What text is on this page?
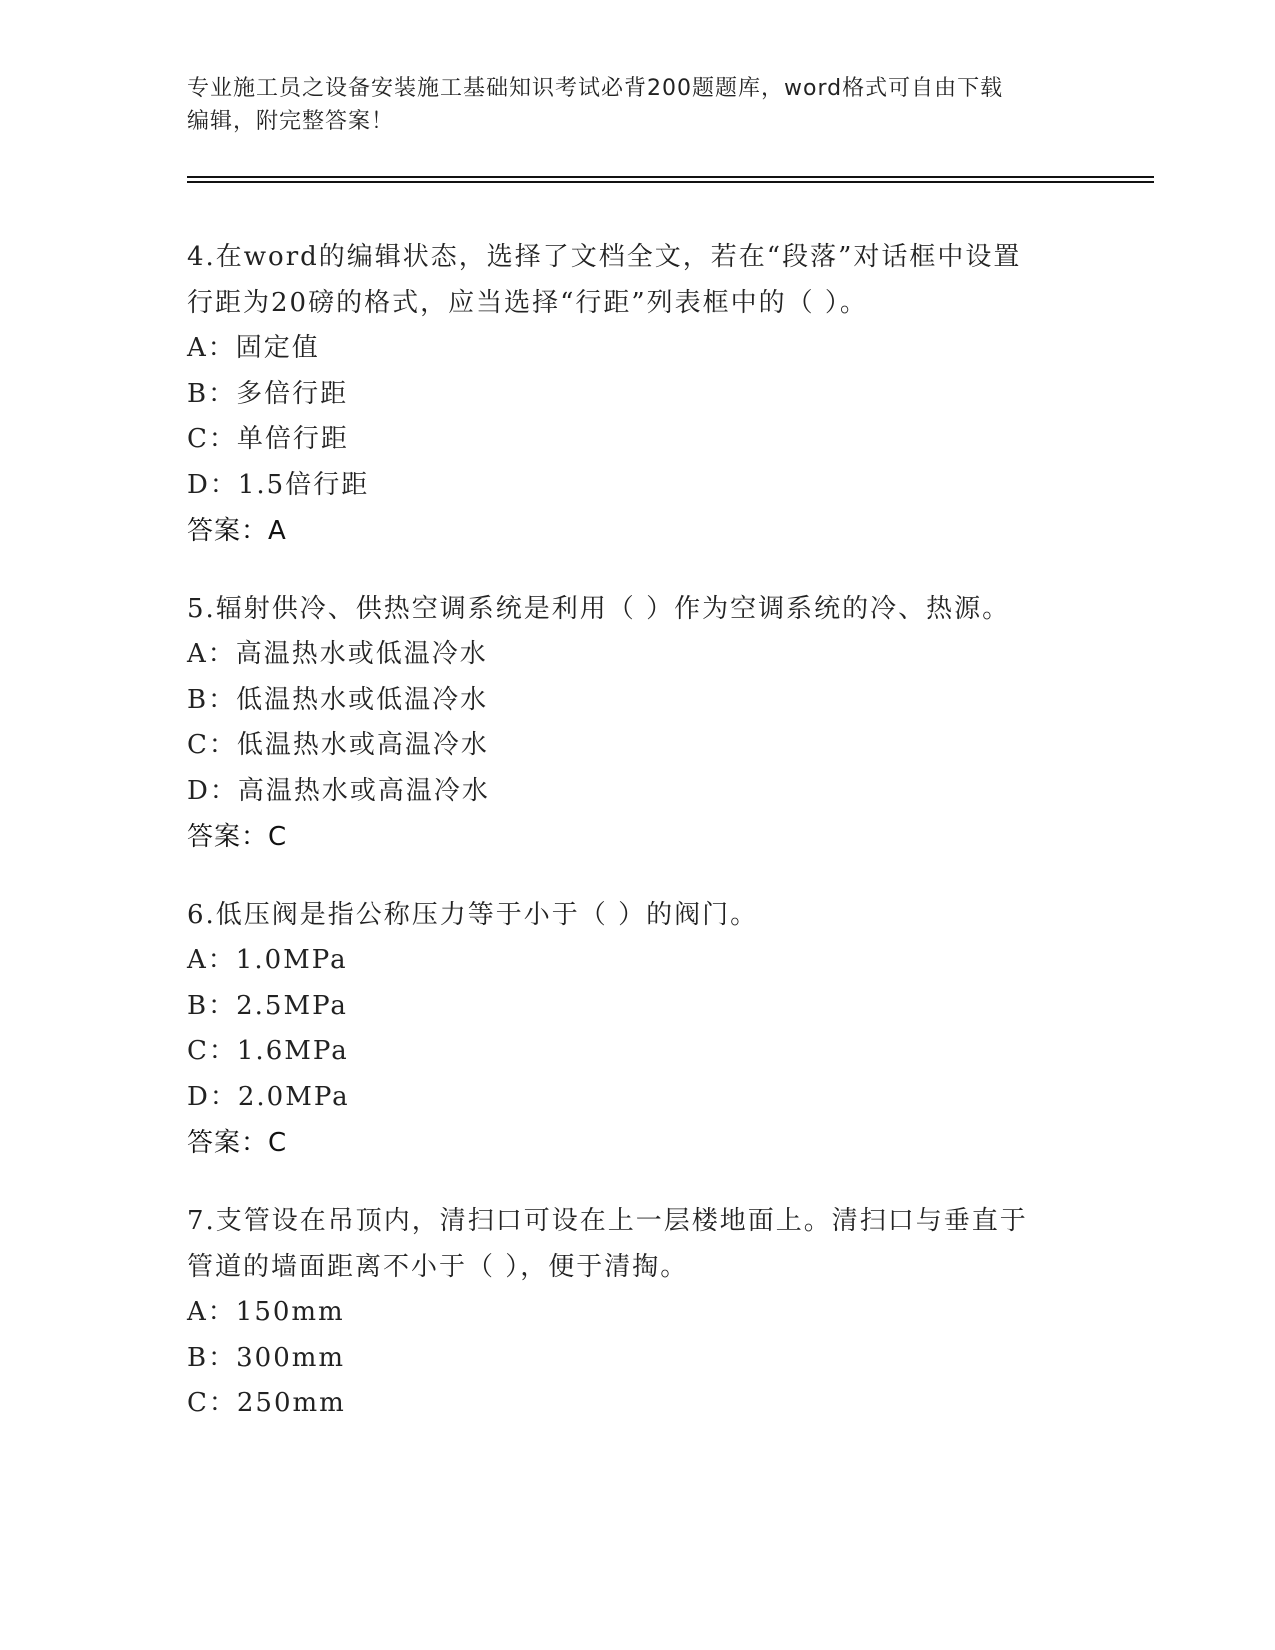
专业施工员之设备安装施工基础知识考试必背200题题库，word格式可自由下载
编辑，附完整答案！
4.在word的编辑状态，选择了文档全文，若在“段落”对话框中设置
行距为20磅的格式，应当选择“行距”列表框中的（ ）。
A：固定值
B：多倍行距
C：单倍行距
D：1.5倍行距
答案：A
5.辐射供冷、供热空调系统是利用（ ）作为空调系统的冷、热源。
A：高温热水或低温冷水
B：低温热水或低温冷水
C：低温热水或高温冷水
D：高温热水或高温冷水
答案：C
6.低压阀是指公称压力等于小于（ ）的阀门。
A：1.0MPa
B：2.5MPa
C：1.6MPa
D：2.0MPa
答案：C
7.支管设在吊顶内，清扫口可设在上一层楼地面上。清扫口与垂直于
管道的墙面距离不小于（ ），便于清掏。
A：150mm
B：300mm
C：250mm
